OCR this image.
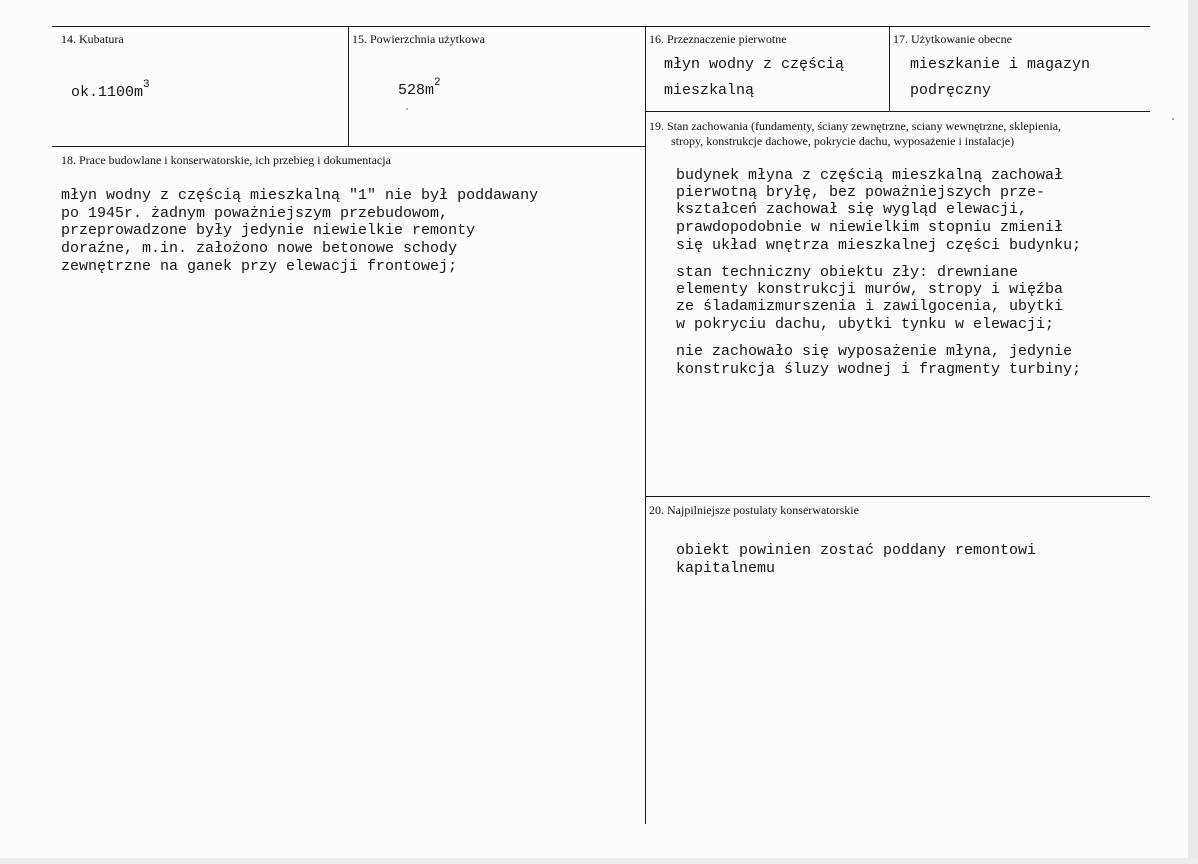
14. Kubatura
$ok.1100m^3$
15. Powierzchnia użytkowa
$528m^2$
16. Przeznaczenie pierwotne
młyn wodny z częścią
mieszkalną
17. Użytkowanie obecne
mieszkanie i magazyn
podręczny
18. Prace budowlane i konserwatorskie, ich przebieg i dokumentacja
młyn wodny z częścią mieszkalną "1" nie był poddawany
po 1945r. żadnym poważniejszym przebudowom,
przeprowadzone były jedynie niewielkie remonty
doraźne, m.in. założono nowe betonowe schody
zewnętrzne na ganek przy elewacji frontowej;
19. Stan zachowania (fundamenty, ściany zewnętrzne, sciany wewnętrzne, sklepienia,
stropy, konstrukcje dachowe, pokrycie dachu, wyposażenie i instalacje)
budynek młyna z częścią mieszkalną zachował
pierwotną bryłę, bez poważniejszych prze-
kształceń zachował się wygląd elewacji,
prawdopodobnie w niewielkim stopniu zmienił
się układ wnętrza mieszkalnej części budynku;
stan techniczny obiektu zły: drewniane
elementy konstrukcji murów, stropy i więźba
ze śladamizmurszenia i zawilgocenia, ubytki
w pokryciu dachu, ubytki tynku w elewacji;
nie zachowało się wyposażenie młyna, jedynie
konstrukcja śluzy wodnej i fragmenty turbiny;
20. Najpilniejsze postulaty konserwatorskie
obiekt powinien zostać poddany remontowi
kapitalnemu
